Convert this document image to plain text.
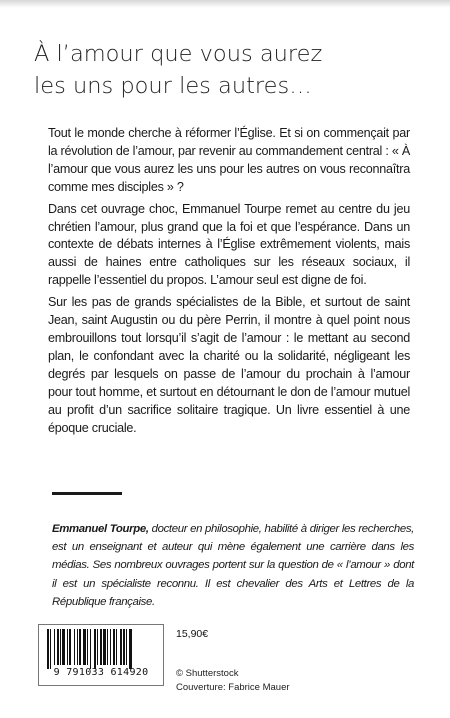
À l’amour que vous aurez
les uns pour les autres…

Tout le monde cherche à réformer l’Église. Et si on commençait par la révolution de l’amour, par revenir au commandement central : « À l’amour que vous aurez les uns pour les autres on vous reconnaîtra comme mes disciples » ?

Dans cet ouvrage choc, Emmanuel Tourpe remet au centre du jeu chrétien l’amour, plus grand que la foi et que l’espérance. Dans un contexte de débats internes à l’Église extrêmement violents, mais aussi de haines entre catholiques sur les réseaux sociaux, il rappelle l’essentiel du propos. L’amour seul est digne de foi.

Sur les pas de grands spécialistes de la Bible, et surtout de saint Jean, saint Augustin ou du père Perrin, il montre à quel point nous embrouillons tout lorsqu’il s’agit de l’amour : le mettant au second plan, le confondant avec la charité ou la solidarité, négligeant les degrés par lesquels on passe de l’amour du prochain à l’amour pour tout homme, et surtout en détournant le don de l’amour mutuel au profit d’un sacrifice solitaire tragique. Un livre essentiel à une époque cruciale.

Emmanuel Tourpe, docteur en philosophie, habilité à diriger les recherches, est un enseignant et auteur qui mène également une carrière dans les médias. Ses nombreux ouvrages portent sur la question de « l’amour » dont il est un spécialiste reconnu. Il est chevalier des Arts et Lettres de la République française.
9 791033 614920
15,90€
© Shutterstock
Couverture: Fabrice Mauer
